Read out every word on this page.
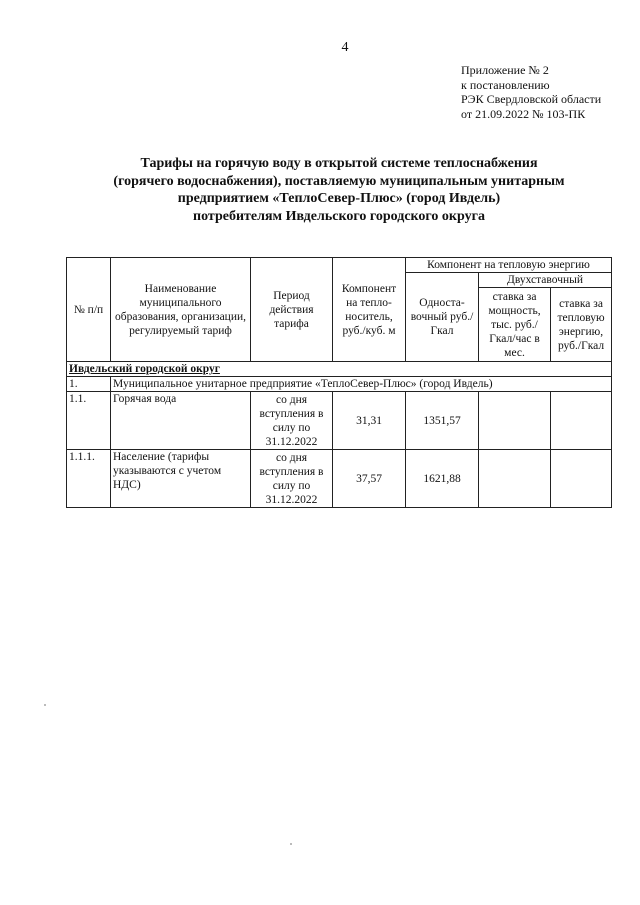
4
Приложение № 2
к постановлению
РЭК Свердловской области
от 21.09.2022 № 103-ПК
Тарифы на горячую воду в открытой системе теплоснабжения
(горячего водоснабжения), поставляемую муниципальным унитарным
предприятием «ТеплоСевер-Плюс» (город Ивдель)
потребителям Ивдельского городского округа
№ п/п	Наименование муниципального образования, организации, регулируемый тариф	Период действия тарифа	Компонент на тепло-носитель, руб./куб. м	Компонент на тепловую энергию		
				Односта-вочный руб./Гкал	Двухставочный	
					ставка за мощность, тыс. руб./Гкал/час в мес.	ставка за тепловую энергию, руб./Гкал
Ивдельский городской округ						
1.	Муниципальное унитарное предприятие «ТеплоСевер-Плюс» (город Ивдель)					
1.1.	Горячая вода	со дня вступления в силу по 31.12.2022	31,31	1351,57		
1.1.1.	Население (тарифы указываются с учетом НДС)	со дня вступления в силу по 31.12.2022	37,57	1621,88		
